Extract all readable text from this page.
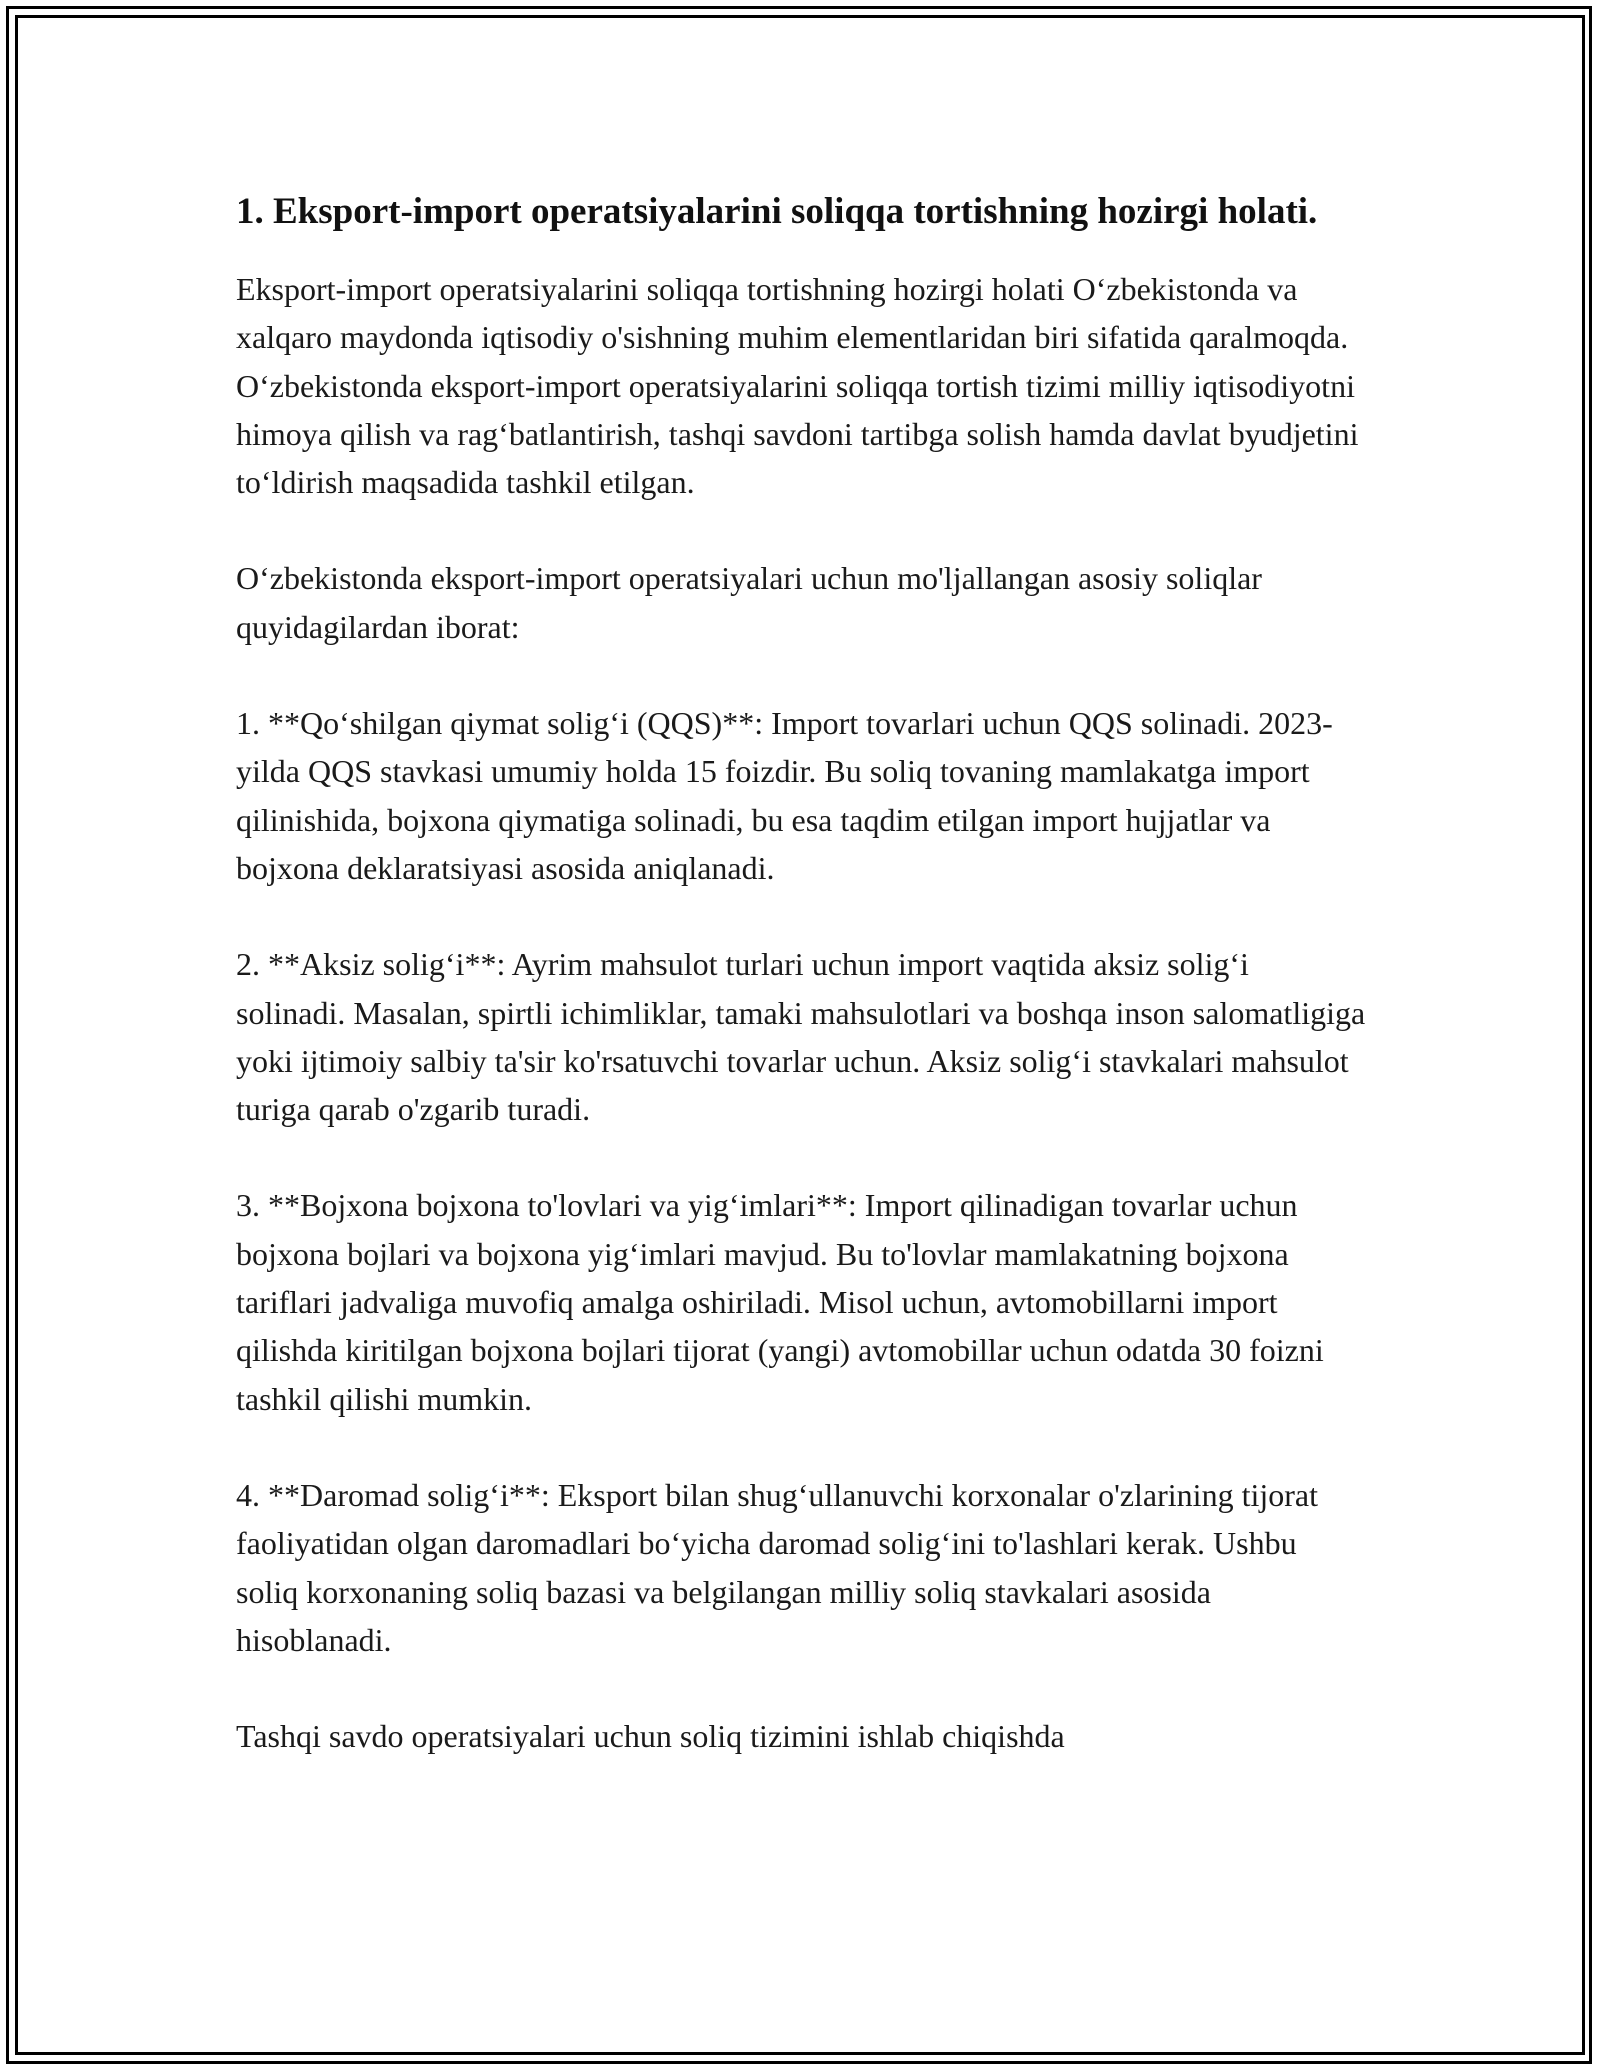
1. Eksport-import operatsiyalarini soliqqa tortishning hozirgi holati.

Eksport-import operatsiyalarini soliqqa tortishning hozirgi holati O‘zbekistonda va xalqaro maydonda iqtisodiy o'sishning muhim elementlaridan biri sifatida qaralmoqda. O‘zbekistonda eksport-import operatsiyalarini soliqqa tortish tizimi milliy iqtisodiyotni himoya qilish va rag‘batlantirish, tashqi savdoni tartibga solish hamda davlat byudjetini to‘ldirish maqsadida tashkil etilgan.

O‘zbekistonda eksport-import operatsiyalari uchun mo'ljallangan asosiy soliqlar quyidagilardan iborat:

1. **Qo‘shilgan qiymat solig‘i (QQS)**: Import tovarlari uchun QQS solinadi. 2023-yilda QQS stavkasi umumiy holda 15 foizdir. Bu soliq tovaning mamlakatga import qilinishida, bojxona qiymatiga solinadi, bu esa taqdim etilgan import hujjatlar va bojxona deklaratsiyasi asosida aniqlanadi.

2. **Aksiz solig‘i**: Ayrim mahsulot turlari uchun import vaqtida aksiz solig‘i solinadi. Masalan, spirtli ichimliklar, tamaki mahsulotlari va boshqa inson salomatligiga yoki ijtimoiy salbiy ta'sir ko'rsatuvchi tovarlar uchun. Aksiz solig‘i stavkalari mahsulot turiga qarab o'zgarib turadi.

3. **Bojxona bojxona to'lovlari va yig‘imlari**: Import qilinadigan tovarlar uchun bojxona bojlari va bojxona yig‘imlari mavjud. Bu to'lovlar mamlakatning bojxona tariflari jadvaliga muvofiq amalga oshiriladi. Misol uchun, avtomobillarni import qilishda kiritilgan bojxona bojlari tijorat (yangi) avtomobillar uchun odatda 30 foizni tashkil qilishi mumkin.

4. **Daromad solig‘i**: Eksport bilan shug‘ullanuvchi korxonalar o'zlarining tijorat faoliyatidan olgan daromadlari bo‘yicha daromad solig‘ini to'lashlari kerak. Ushbu soliq korxonaning soliq bazasi va belgilangan milliy soliq stavkalari asosida hisoblanadi.

Tashqi savdo operatsiyalari uchun soliq tizimini ishlab chiqishda
